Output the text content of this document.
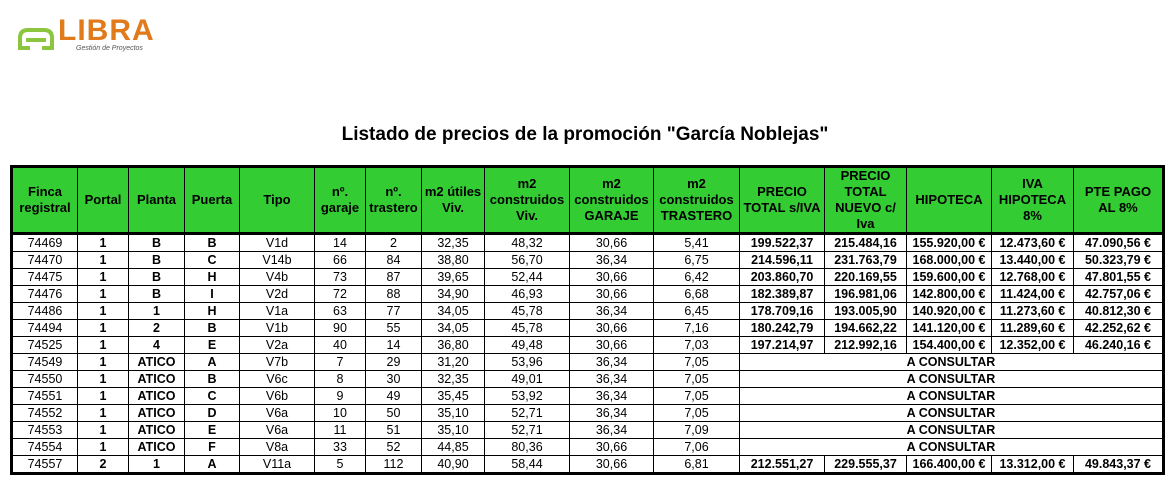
LIBRA
Gestión de Proyectos
Listado de precios de la promoción "García Noblejas"
Finca registral	Portal	Planta	Puerta	Tipo	nº. garaje	nº. trastero	m2 útiles Viv.	m2 construidos Viv.	m2 construidos GARAJE	m2 construidos TRASTERO	PRECIO TOTAL s/IVA	PRECIO TOTAL NUEVO c/ Iva	HIPOTECA	IVA HIPOTECA 8%	PTE PAGO AL 8%
74469	1	B	B	V1d	14	2	32,35	48,32	30,66	5,41	199.522,37	215.484,16	155.920,00 €	12.473,60 €	47.090,56 €
74470	1	B	C	V14b	66	84	38,80	56,70	36,34	6,75	214.596,11	231.763,79	168.000,00 €	13.440,00 €	50.323,79 €
74475	1	B	H	V4b	73	87	39,65	52,44	30,66	6,42	203.860,70	220.169,55	159.600,00 €	12.768,00 €	47.801,55 €
74476	1	B	I	V2d	72	88	34,90	46,93	30,66	6,68	182.389,87	196.981,06	142.800,00 €	11.424,00 €	42.757,06 €
74486	1	1	H	V1a	63	77	34,05	45,78	36,34	6,45	178.709,16	193.005,90	140.920,00 €	11.273,60 €	40.812,30 €
74494	1	2	B	V1b	90	55	34,05	45,78	30,66	7,16	180.242,79	194.662,22	141.120,00 €	11.289,60 €	42.252,62 €
74525	1	4	E	V2a	40	14	36,80	49,48	30,66	7,03	197.214,97	212.992,16	154.400,00 €	12.352,00 €	46.240,16 €
74549	1	ATICO	A	V7b	7	29	31,20	53,96	36,34	7,05	A CONSULTAR				
74550	1	ATICO	B	V6c	8	30	32,35	49,01	36,34	7,05	A CONSULTAR				
74551	1	ATICO	C	V6b	9	49	35,45	53,92	36,34	7,05	A CONSULTAR				
74552	1	ATICO	D	V6a	10	50	35,10	52,71	36,34	7,05	A CONSULTAR				
74553	1	ATICO	E	V6a	11	51	35,10	52,71	36,34	7,09	A CONSULTAR				
74554	1	ATICO	F	V8a	33	52	44,85	80,36	30,66	7,06	A CONSULTAR				
74557	2	1	A	V11a	5	112	40,90	58,44	30,66	6,81	212.551,27	229.555,37	166.400,00 €	13.312,00 €	49.843,37 €
